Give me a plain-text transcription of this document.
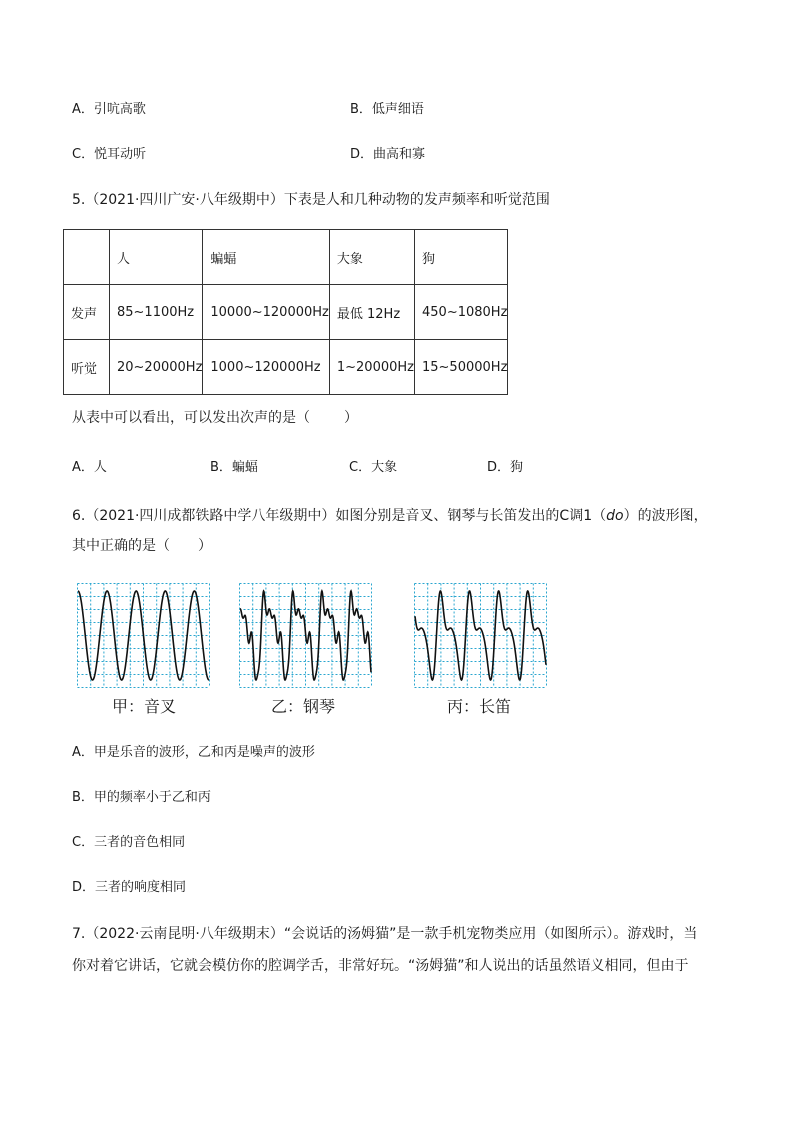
A．引吭高歌	B．低声细语
C．悦耳动听	D．曲高和寡
5.（2021·四川广安·八年级期中）下表是人和几种动物的发声频率和听觉范围
	人	蝙蝠	大象	狗
发声	85~1100Hz	10000~120000Hz	最低 12Hz	450~1080Hz
听觉	20~20000Hz	1000~120000Hz	1~20000Hz	15~50000Hz
从表中可以看出，可以发出次声的是（ ）
A．人	B．蝙蝠	C．大象	D．狗
6.（2021·四川成都铁路中学八年级期中）如图分别是音叉、钢琴与长笛发出的C调1（do）的波形图，
其中正确的是（　　）
甲：音叉	乙：钢琴	丙：长笛
A．甲是乐音的波形，乙和丙是噪声的波形
B．甲的频率小于乙和丙
C．三者的音色相同
D．三者的响度相同
7.（2022·云南昆明·八年级期末）“会说话的汤姆猫”是一款手机宠物类应用（如图所示）。游戏时，当
你对着它讲话，它就会模仿你的腔调学舌，非常好玩。“汤姆猫”和人说出的话虽然语义相同，但由于
